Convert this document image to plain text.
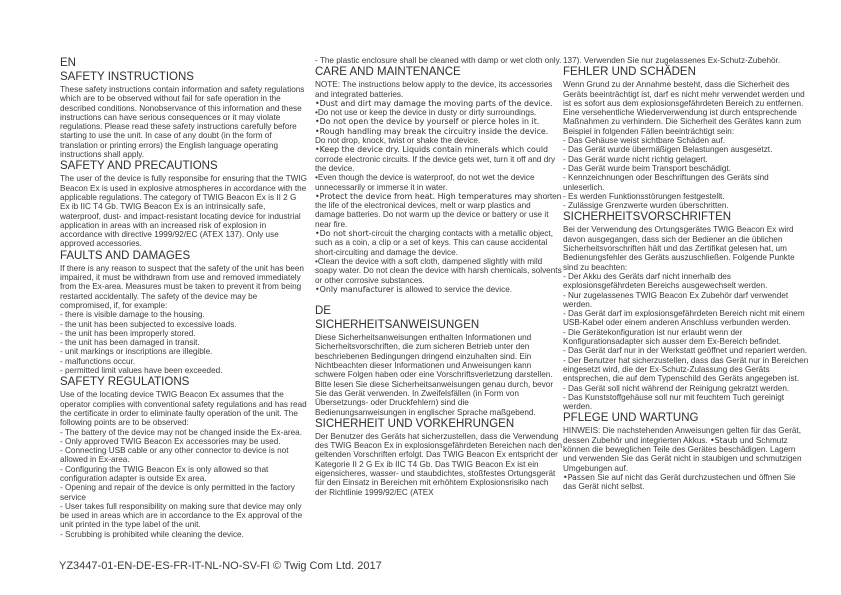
EN
SAFETY INSTRUCTIONS
These safety instructions contain information and safety regulations which are to be observed without fail for safe operation in the described conditions. Nonobservance of this information and these instructions can have serious consequences or it may violate regulations. Please read these safety instructions carefully before starting to use the unit. In case of any doubt (in the form of translation or printing errors) the English language operating instructions shall apply.
SAFETY AND PRECAUTIONS
The user of the device is fully responsibe for ensuring that the TWIG Beacon Ex is used in explosive atmospheres in accordance with the applicable regulations. The category of TWIG Beacon Ex is II 2 G Ex ib IIC T4 Gb. TWIG Beacon Ex is an intrinsically safe, waterproof, dust- and impact-resistant locating device for industrial application in areas with an increased risk of explosion in accordance with directive 1999/92/EC (ATEX 137). Only use approved accessories.
FAULTS AND DAMAGES
If there is any reason to suspect that the safety of the unit has been impaired, it must be withdrawn from use and removed immediately from the Ex-area. Measures must be taken to prevent it from being restarted accidentally. The safety of the device may be compromised, if, for example:
- there is visible damage to the housing.
- the unit has been subjected to excessive loads.
- the unit has been improperly stored.
- the unit has been damaged in transit.
- unit markings or inscriptions are illegible.
- malfunctions occur.
- permitted limit values have been exceeded.
SAFETY REGULATIONS
Use of the locating device TWIG Beacon Ex assumes that the operator complies with conventional safety regulations and has read the certificate in order to eliminate faulty operation of the unit. The following points are to be observed:
- The battery of the device may not be changed inside the Ex-area.
- Only approved TWIG Beacon Ex accessories may be used.
- Connecting USB cable or any other connector to device is not allowed in Ex-area.
- Configuring the TWIG Beacon Ex is only allowed so that configuration adapter is outside Ex area.
- Opening and repair of the device is only permitted in the factory service
- User takes full responsibility on making sure that device may only be used in areas which are in accordance to the Ex approval of the unit printed in the type label of the unit.
- Scrubbing is prohibited while cleaning the device.
- The plastic enclosure shall be cleaned with damp or wet cloth only.
CARE AND MAINTENANCE
NOTE: The instructions below apply to the device, its accessories and integrated batteries.
•Dust and dirt may damage the moving parts of the device.
•Do not use or keep the device in dusty or dirty surroundings.
•Do not open the device by yourself or pierce holes in it.
•Rough handling may break the circuitry inside the device.
Do not drop, knock, twist or shake the device.
•Keep the device dry. Liquids contain minerals which could corrode electronic circuits. If the device gets wet, turn it off and dry the device.
•Even though the device is waterproof, do not wet the device unnecessarily or immerse it in water.
•Protect the device from heat. High temperatures may shorten the life of the electronical devices, melt or warp plastics and damage batteries. Do not warm up the device or battery or use it near fire.
•Do not short-circuit the charging contacts with a metallic object, such as a coin, a clip or a set of keys. This can cause accidental short-circuiting and damage the device.
•Clean the device with a soft cloth, dampened slightly with mild soapy water. Do not clean the device with harsh chemicals, solvents or other corrosive substances.
•Only manufacturer is allowed to service the device.
DE
SICHERHEITSANWEISUNGEN
Diese Sicherheitsanweisungen enthalten Informationen und Sicherheitsvorschriften, die zum sicheren Betrieb unter den beschriebenen Bedingungen dringend einzuhalten sind. Ein Nichtbeachten dieser Informationen und Anweisungen kann schwere Folgen haben oder eine Vorschriftsverletzung darstellen. Bitte lesen Sie diese Sicherheitsanweisungen genau durch, bevor Sie das Gerät verwenden. In Zweifelsfällen (in Form von Übersetzungs- oder Druckfehlern) sind die Bedienungsanweisungen in englischer Sprache maßgebend.
SICHERHEIT UND VORKEHRUNGEN
Der Benutzer des Geräts hat sicherzustellen, dass die Verwendung des TWIG Beacon Ex in explosionsgefährdeten Bereichen nach den geltenden Vorschriften erfolgt. Das TWIG Beacon Ex entspricht der Kategorie II 2 G Ex ib IIC T4 Gb. Das TWIG Beacon Ex ist ein eigensicheres, wasser- und staubdichtes, stoßfestes Ortungsgerät für den Einsatz in Bereichen mit erhöhtem Explosionsrisiko nach der Richtlinie 1999/92/EC (ATEX
137). Verwenden Sie nur zugelassenes Ex-Schutz-Zubehör.
FEHLER UND SCHÄDEN
Wenn Grund zu der Annahme besteht, dass die Sicherheit des Geräts beeinträchtigt ist, darf es nicht mehr verwendet werden und ist es sofort aus dem explosionsgefährdeten Bereich zu entfernen. Eine versehentliche Wiederverwendung ist durch entsprechende Maßnahmen zu verhindern. Die Sicherheit des Gerätes kann zum Beispiel in folgenden Fällen beeinträchtigt sein:
- Das Gehäuse weist sichtbare Schäden auf.
- Das Gerät wurde übermäßigen Belastungen ausgesetzt.
- Das Gerät wurde nicht richtig gelagert.
- Das Gerät wurde beim Transport beschädigt.
- Kennzeichnungen oder Beschriftungen des Geräts sind unleserlich.
- Es werden Funktionsstörungen festgestellt.
- Zulässige Grenzwerte wurden überschritten.
SICHERHEITSVORSCHRIFTEN
Bei der Verwendung des Ortungsgerätes TWIG Beacon Ex wird davon ausgegangen, dass sich der Bediener an die üblichen Sicherheitsvorschriften hält und das Zertifikat gelesen hat, um Bedienungsfehler des Geräts auszuschließen. Folgende Punkte sind zu beachten:
- Der Akku des Geräts darf nicht innerhalb des explosionsgefährdeten Bereichs ausgewechselt werden.
- Nur zugelassenes TWIG Beacon Ex Zubehör darf verwendet werden.
- Das Gerät darf im explosionsgefährdeten Bereich nicht mit einem USB-Kabel oder einem anderen Anschluss verbunden werden.
- Die Gerätekonfiguration ist nur erlaubt wenn der Konfigurationsadapter sich ausser dem Ex-Bereich befindet.
- Das Gerät darf nur in der Werkstatt geöffnet und repariert werden.
- Der Benutzer hat sicherzustellen, dass das Gerät nur in Bereichen eingesetzt wird, die der Ex-Schutz-Zulassung des Geräts entsprechen, die auf dem Typenschild des Geräts angegeben ist.
- Das Gerät soll nicht während der Reinigung gekratzt werden.
- Das Kunststoffgehäuse soll nur mit feuchtem Tuch gereinigt werden.
PFLEGE UND WARTUNG
HINWEIS: Die nachstehenden Anweisungen gelten für das Gerät, dessen Zubehör und integrierten Akkus. •Staub und Schmutz können die beweglichen Teile des Gerätes beschädigen. Lagern und verwenden Sie das Gerät nicht in staubigen und schmutzigen Umgebungen auf.
•Passen Sie auf nicht das Gerät durchzustechen und öffnen Sie das Gerät nicht selbst.
YZ3447-01-EN-DE-ES-FR-IT-NL-NO-SV-FI © Twig Com Ltd. 2017
